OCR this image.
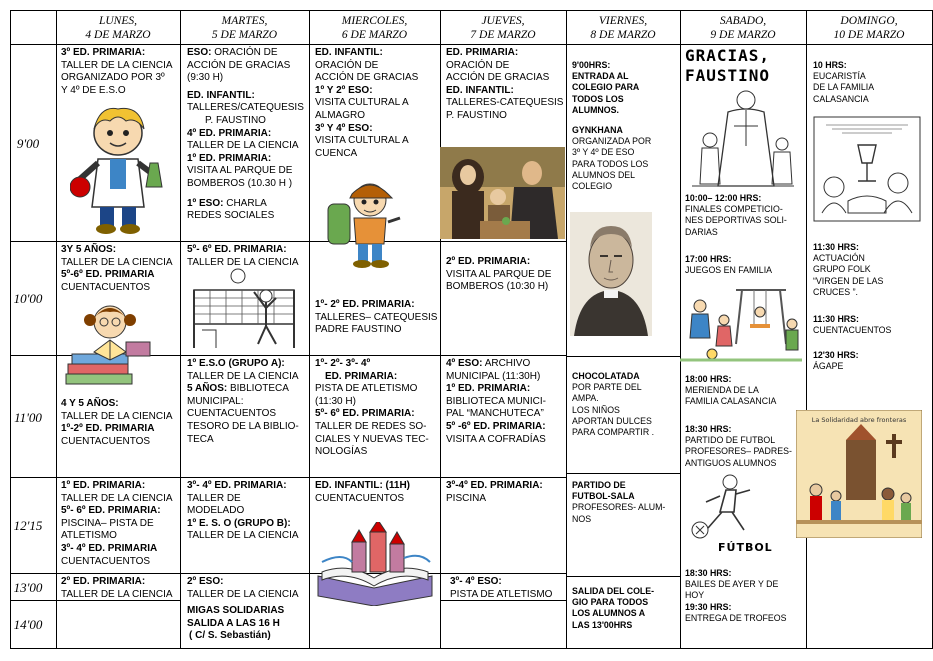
LUNES,
4 DE MARZO
MARTES,
5 DE MARZO
MIERCOLES,
6 DE MARZO
JUEVES,
7 DE MARZO
VIERNES,
8 DE MARZO
SABADO,
9 DE MARZO
DOMINGO,
10 DE MARZO
9'00
10'00
11'00
12'15
13'00
14'00
3º ED. PRIMARIA:
TALLER DE LA CIENCIA
ORGANIZADO POR 3º
Y 4º DE E.S.O
3Y 5 AÑOS:
TALLER DE LA CIENCIA
5º-6º ED. PRIMARIA
CUENTACUENTOS
4 Y 5 AÑOS:
TALLER DE LA CIENCIA
1º-2º ED. PRIMARIA
CUENTACUENTOS
1º ED. PRIMARIA:
TALLER DE LA CIENCIA
5º- 6º ED. PRIMARIA:
PISCINA– PISTA DE
ATLETISMO
3º- 4º ED. PRIMARIA
CUENTACUENTOS
2º ED. PRIMARIA:
TALLER DE LA CIENCIA
ESO: ORACIÓN DE
ACCIÓN DE GRACIAS
(9:30 H)
ED. INFANTIL:
TALLERES/CATEQUESIS
P. FAUSTINO
4º ED. PRIMARIA:
TALLER DE LA CIENCIA
1º ED. PRIMARIA:
VISITA AL PARQUE DE
BOMBEROS (10.30 H )
1º ESO: CHARLA
REDES SOCIALES
5º- 6º ED. PRIMARIA:
TALLER DE LA CIENCIA
1º E.S.O (GRUPO A):
TALLER DE LA CIENCIA
5 AÑOS: BIBLIOTECA
MUNICIPAL:
CUENTACUENTOS
TESORO DE LA BIBLIO-
TECA
3º- 4º ED. PRIMARIA:
TALLER DE
MODELADO
1º E. S. O (GRUPO B):
TALLER DE LA CIENCIA
2º ESO:
TALLER DE LA CIENCIA
MIGAS SOLIDARIAS
SALIDA A LAS 16 H
( C/ S. Sebastián)
ED. INFANTIL:
ORACIÓN DE
ACCIÓN DE GRACIAS
1º Y 2º ESO:
VISITA CULTURAL A
ALMAGRO
3º Y 4º ESO:
VISITA CULTURAL A
CUENCA
1º- 2º ED. PRIMARIA:
TALLERES– CATEQUESIS
PADRE FAUSTINO
1º- 2º- 3º- 4º
ED. PRIMARIA:
PISTA DE ATLETISMO
(11:30 H)
5º- 6º ED. PRIMARIA:
TALLER DE REDES SO-
CIALES Y NUEVAS TEC-
NOLOGÍAS
ED. INFANTIL: (11H)
CUENTACUENTOS
ED. PRIMARIA:
ORACIÓN DE
ACCIÓN DE GRACIAS
ED. INFANTIL:
TALLERES-CATEQUESIS
P. FAUSTINO
2º ED. PRIMARIA:
VISITA AL PARQUE DE
BOMBEROS (10:30 H)
4º ESO: ARCHIVO
MUNICIPAL (11:30H)
1º ED. PRIMARIA:
BIBLIOTECA MUNICI-
PAL “MANCHUTECA”
5º -6º ED. PRIMARIA:
VISITA A COFRADÍAS
3º-4º ED. PRIMARIA:
PISCINA
3º- 4º ESO:
PISTA DE ATLETISMO
9'00HRS:
ENTRADA AL
COLEGIO PARA
TODOS LOS
ALUMNOS.
GYNKHANA
ORGANIZADA POR
3º Y 4º DE ESO
PARA TODOS LOS
ALUMNOS DEL
COLEGIO
CHOCOLATADA
POR PARTE DEL
AMPA.
LOS NIÑOS
APORTAN DULCES
PARA COMPARTIR .
PARTIDO DE
FUTBOL-SALA
PROFESORES- ALUM-
NOS
SALIDA DEL COLE-
GIO PARA TODOS
LOS ALUMNOS A
LAS 13'00HRS
GRACIAS,
FAUSTINO
10:00– 12:00 HRS:
FINALES COMPETICIO-
NES DEPORTIVAS SOLI-
DARIAS
17:00 HRS:
JUEGOS EN FAMILIA
18:00 HRS:
MERIENDA DE LA
FAMILIA CALASANCIA
18:30 HRS:
PARTIDO DE FUTBOL
PROFESORES– PADRES-
ANTIGUOS ALUMNOS
FÚTBOL
18:30 HRS:
BAILES DE AYER Y DE
HOY
19:30 HRS:
ENTREGA DE TROFEOS
10 HRS:
EUCARISTÍA
DE LA FAMILIA
CALASANCIA
11:30 HRS:
ACTUACIÓN
GRUPO FOLK
“VIRGEN DE LAS
CRUCES ”.
11:30 HRS:
CUENTACUENTOS
12'30 HRS:
ÁGAPE
La Solidaridad abre fronteras
